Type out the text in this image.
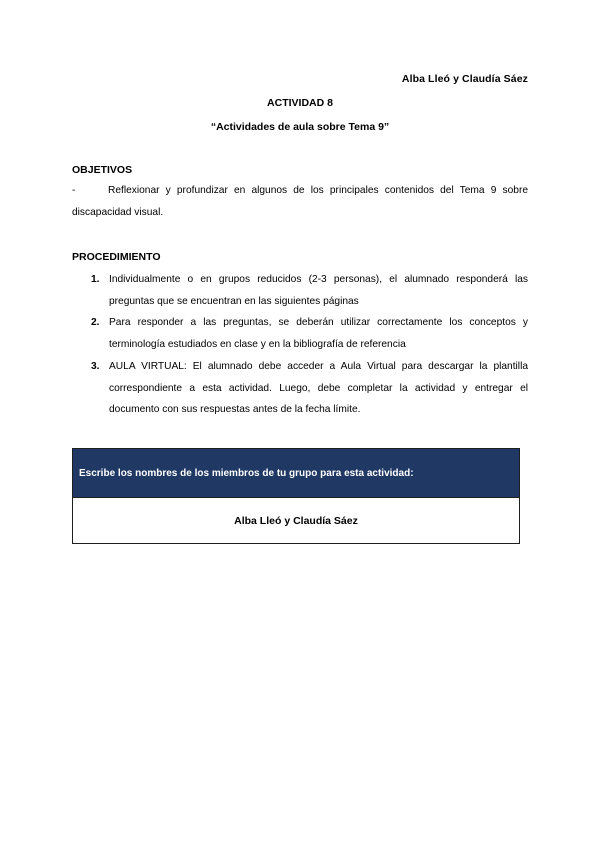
Alba Lleó y Claudía Sáez
ACTIVIDAD 8
“Actividades de aula sobre Tema 9”
OBJETIVOS
-	Reflexionar y profundizar en algunos de los principales contenidos del Tema 9 sobre discapacidad visual.
PROCEDIMIENTO
1. Individualmente o en grupos reducidos (2-3 personas), el alumnado responderá las preguntas que se encuentran en las siguientes páginas
2. Para responder a las preguntas, se deberán utilizar correctamente los conceptos y terminología estudiados en clase y en la bibliografía de referencia
3. AULA VIRTUAL: El alumnado debe acceder a Aula Virtual para descargar la plantilla correspondiente a esta actividad. Luego, debe completar la actividad y entregar el documento con sus respuestas antes de la fecha límite.
Escribe los nombres de los miembros de tu grupo para esta actividad:
Alba Lleó y Claudía Sáez
